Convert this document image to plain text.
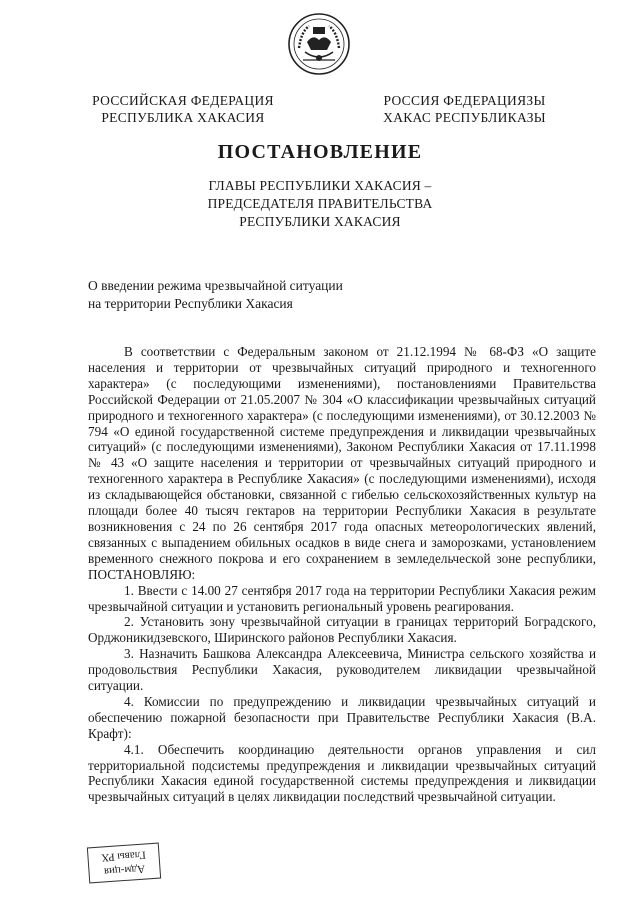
РОССИЙСКАЯ ФЕДЕРАЦИЯ
РЕСПУБЛИКА ХАКАСИЯ
РОССИЯ ФЕДЕРАЦИЯЗЫ
ХАКАС РЕСПУБЛИКАЗЫ
ПОСТАНОВЛЕНИЕ
ГЛАВЫ РЕСПУБЛИКИ ХАКАСИЯ –
ПРЕДСЕДАТЕЛЯ ПРАВИТЕЛЬСТВА
РЕСПУБЛИКИ ХАКАСИЯ
О введении режима чрезвычайной ситуации
на территории Республики Хакасия

В соответствии с Федеральным законом от 21.12.1994 № 68-ФЗ «О защите населения и территории от чрезвычайных ситуаций природного и техногенного характера» (с последующими изменениями), постановлениями Правительства Российской Федерации от 21.05.2007 № 304 «О классификации чрезвычайных ситуаций природного и техногенного характера» (с последующими изменениями), от 30.12.2003 № 794 «О единой государственной системе предупреждения и ликвидации чрезвычайных ситуаций» (с последующими изменениями), Законом Республики Хакасия от 17.11.1998 № 43 «О защите населения и территории от чрезвычайных ситуаций природного и техногенного характера в Республике Хакасия» (с последующими изменениями), исходя из складывающейся обстановки, связанной с гибелью сельскохозяйственных культур на площади более 40 тысяч гектаров на территории Республики Хакасия в результате возникновения с 24 по 26 сентября 2017 года опасных метеорологических явлений, связанных с выпадением обильных осадков в виде снега и заморозками, установлением временного снежного покрова и его сохранением в земледельческой зоне республики, ПОСТАНОВЛЯЮ:

1. Ввести с 14.00 27 сентября 2017 года на территории Республики Хакасия режим чрезвычайной ситуации и установить региональный уровень реагирования.

2. Установить зону чрезвычайной ситуации в границах территорий Боградского, Орджоникидзевского, Ширинского районов Республики Хакасия.

3. Назначить Башкова Александра Алексеевича, Министра сельского хозяйства и продовольствия Республики Хакасия, руководителем ликвидации чрезвычайной ситуации.

4. Комиссии по предупреждению и ликвидации чрезвычайных ситуаций и обеспечению пожарной безопасности при Правительстве Республики Хакасия (В.А. Крафт):

4.1. Обеспечить координацию деятельности органов управления и сил территориальной подсистемы предупреждения и ликвидации чрезвычайных ситуаций Республики Хакасия единой государственной системы предупреждения и ликвидации чрезвычайных ситуаций в целях ликвидации последствий чрезвычайной ситуации.

Главы РХ
Адм-ция
